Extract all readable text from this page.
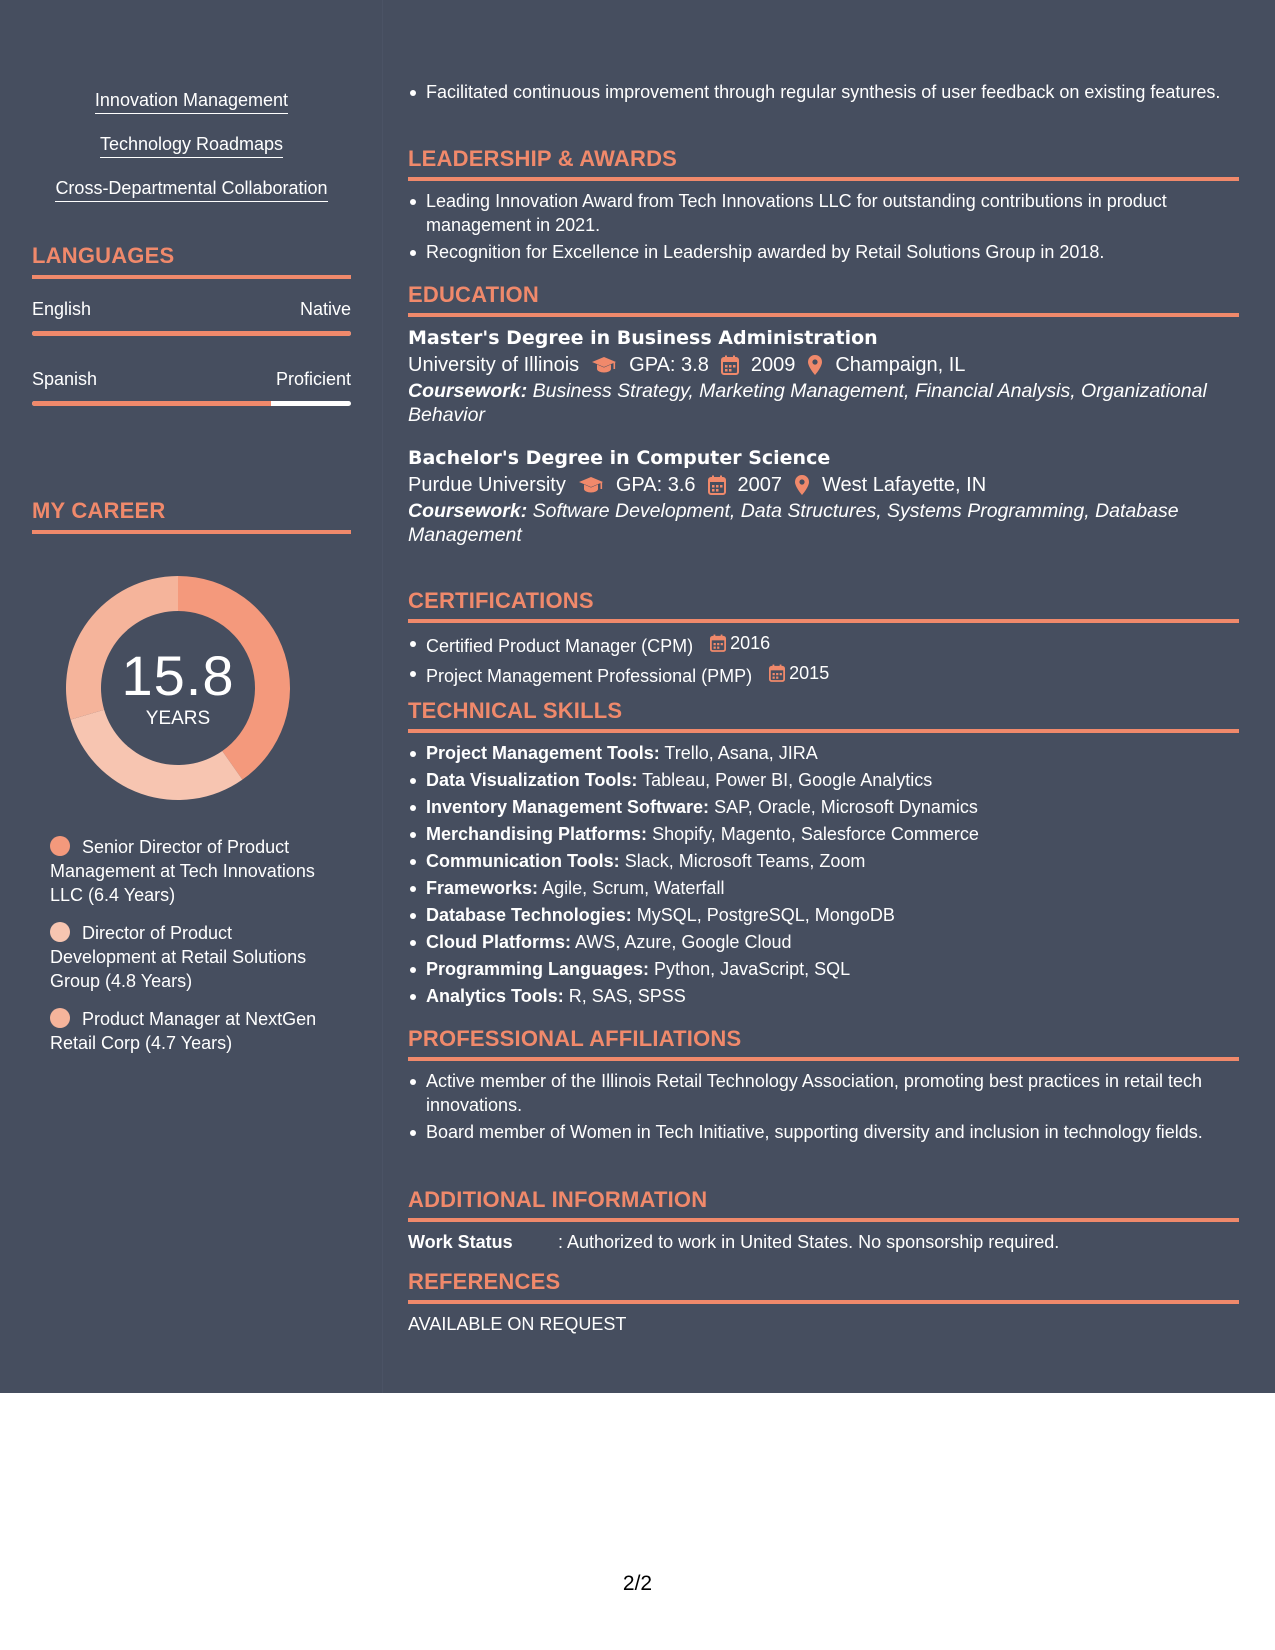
Innovation Management
Technology Roadmaps
Cross-Departmental Collaboration
LANGUAGES
English	Native
Spanish	Proficient
MY CAREER
15.8
YEARS
Senior Director of Product Management at Tech Innovations LLC (6.4 Years)
Director of Product Development at Retail Solutions Group (4.8 Years)
Product Manager at NextGen Retail Corp (4.7 Years)
Facilitated continuous improvement through regular synthesis of user feedback on existing features.
LEADERSHIP & AWARDS
Leading Innovation Award from Tech Innovations LLC for outstanding contributions in product management in 2021.
Recognition for Excellence in Leadership awarded by Retail Solutions Group in 2018.
EDUCATION
Master's Degree in Business Administration
University of Illinois	GPA: 3.8 2009 Champaign, IL
Coursework: Business Strategy, Marketing Management, Financial Analysis, Organizational Behavior
Bachelor's Degree in Computer Science
Purdue University	GPA: 3.6 2007 West Lafayette, IN
Coursework: Software Development, Data Structures, Systems Programming, Database Management
CERTIFICATIONS
Certified Product Manager (CPM) 2016
Project Management Professional (PMP) 2015
TECHNICAL SKILLS
Project Management Tools: Trello, Asana, JIRA
Data Visualization Tools: Tableau, Power BI, Google Analytics
Inventory Management Software: SAP, Oracle, Microsoft Dynamics
Merchandising Platforms: Shopify, Magento, Salesforce Commerce
Communication Tools: Slack, Microsoft Teams, Zoom
Frameworks: Agile, Scrum, Waterfall
Database Technologies: MySQL, PostgreSQL, MongoDB
Cloud Platforms: AWS, Azure, Google Cloud
Programming Languages: Python, JavaScript, SQL
Analytics Tools: R, SAS, SPSS
PROFESSIONAL AFFILIATIONS
Active member of the Illinois Retail Technology Association, promoting best practices in retail tech innovations.
Board member of Women in Tech Initiative, supporting diversity and inclusion in technology fields.
ADDITIONAL INFORMATION
Work Status	: Authorized to work in United States. No sponsorship required.
REFERENCES
AVAILABLE ON REQUEST
2/2
